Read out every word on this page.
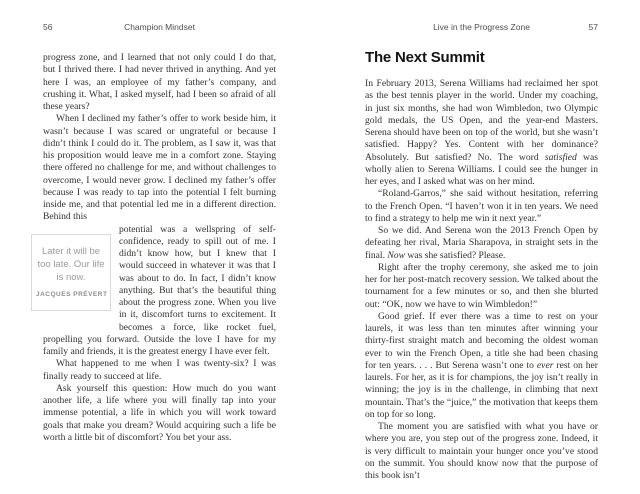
56	Champion Mindset

progress zone, and I learned that not only could I do that, but I thrived there. I had never thrived in anything. And yet here I was, an employee of my father’s company, and crushing it. What, I asked myself, had I been so afraid of all these years?

When I declined my father’s offer to work beside him, it wasn’t because I was scared or ungrateful or because I didn’t think I could do it. The problem, as I saw it, was that his proposition would leave me in a comfort zone. Staying there offered no challenge for me, and without challenges to overcome, I would never grow. I declined my father’s offer because I was ready to tap into the potential I felt burning inside me, and that potential led me in a different direction. Behind this

Later it will be too late. Our life is now.
JACQUES PRÉVERT

potential was a wellspring of self-confidence, ready to spill out of me. I didn’t know how, but I knew that I would succeed in whatever it was that I was about to do. In fact, I didn’t know anything. But that’s the beautiful thing about the progress zone. When you live in it, discomfort turns to excitement. It becomes a force, like rocket fuel, propelling you forward. Outside the love I have for my family and friends, it is the greatest energy I have ever felt.

What happened to me when I was twenty-six? I was finally ready to succeed at life.

Ask yourself this question: How much do you want another life, a life where you will finally tap into your immense potential, a life in which you will work toward goals that make you dream? Would acquiring such a life be worth a little bit of discomfort? You bet your ass.

Live in the Progress Zone	57
The Next Summit

In February 2013, Serena Williams had reclaimed her spot as the best tennis player in the world. Under my coaching, in just six months, she had won Wimbledon, two Olympic gold medals, the US Open, and the year-end Masters. Serena should have been on top of the world, but she wasn’t satisfied. Happy? Yes. Content with her dominance? Absolutely. But satisfied? No. The word satisfied was wholly alien to Serena Williams. I could see the hunger in her eyes, and I asked what was on her mind.

“Roland-Garros,” she said without hesitation, referring to the French Open. “I haven’t won it in ten years. We need to find a strategy to help me win it next year.”

So we did. And Serena won the 2013 French Open by defeating her rival, Maria Sharapova, in straight sets in the final. Now was she satisfied? Please.

Right after the trophy ceremony, she asked me to join her for her post-match recovery session. We talked about the tournament for a few minutes or so, and then she blurted out: “OK, now we have to win Wimbledon!”

Good grief. If ever there was a time to rest on your laurels, it was less than ten minutes after winning your thirty-first straight match and becoming the oldest woman ever to win the French Open, a title she had been chasing for ten years. . . . But Serena wasn’t one to ever rest on her laurels. For her, as it is for champions, the joy isn’t really in winning; the joy is in the challenge, in climbing that next mountain. That’s the “juice,” the motivation that keeps them on top for so long.

The moment you are satisfied with what you have or where you are, you step out of the progress zone. Indeed, it is very difficult to maintain your hunger once you’ve stood on the summit. You should know now that the purpose of this book isn’t
